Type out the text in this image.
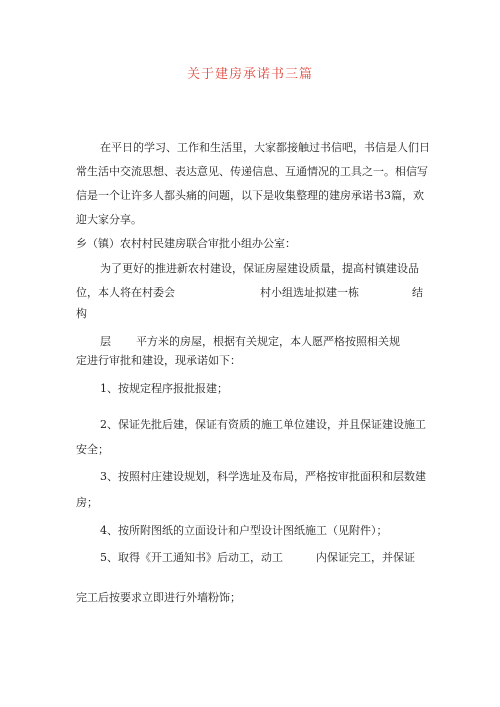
关于建房承诺书三篇
在平日的学习、工作和生活里，大家都接触过书信吧，书信是人们日
常生活中交流思想、表达意见、传递信息、互通情况的工具之一。相信写
信是一个让许多人都头痛的问题，以下是收集整理的建房承诺书3篇，欢
迎大家分享。
乡（镇）农村村民建房联合审批小组办公室：
为了更好的推进新农村建设，保证房屋建设质量，提高村镇建设品
位，本人将在村委会	村小组选址拟建一栋	结
构
层 平方米的房屋，根据有关规定，本人愿严格按照相关规
定进行审批和建设，现承诺如下：
1、按规定程序报批报建；
2、保证先批后建，保证有资质的施工单位建设，并且保证建设施工
安全；
3、按照村庄建设规划，科学选址及布局，严格按审批面积和层数建
房；
4、按所附图纸的立面设计和户型设计图纸施工（见附件）；
5、取得《开工通知书》后动工，动工	内保证完工，并保证
完工后按要求立即进行外墙粉饰；
